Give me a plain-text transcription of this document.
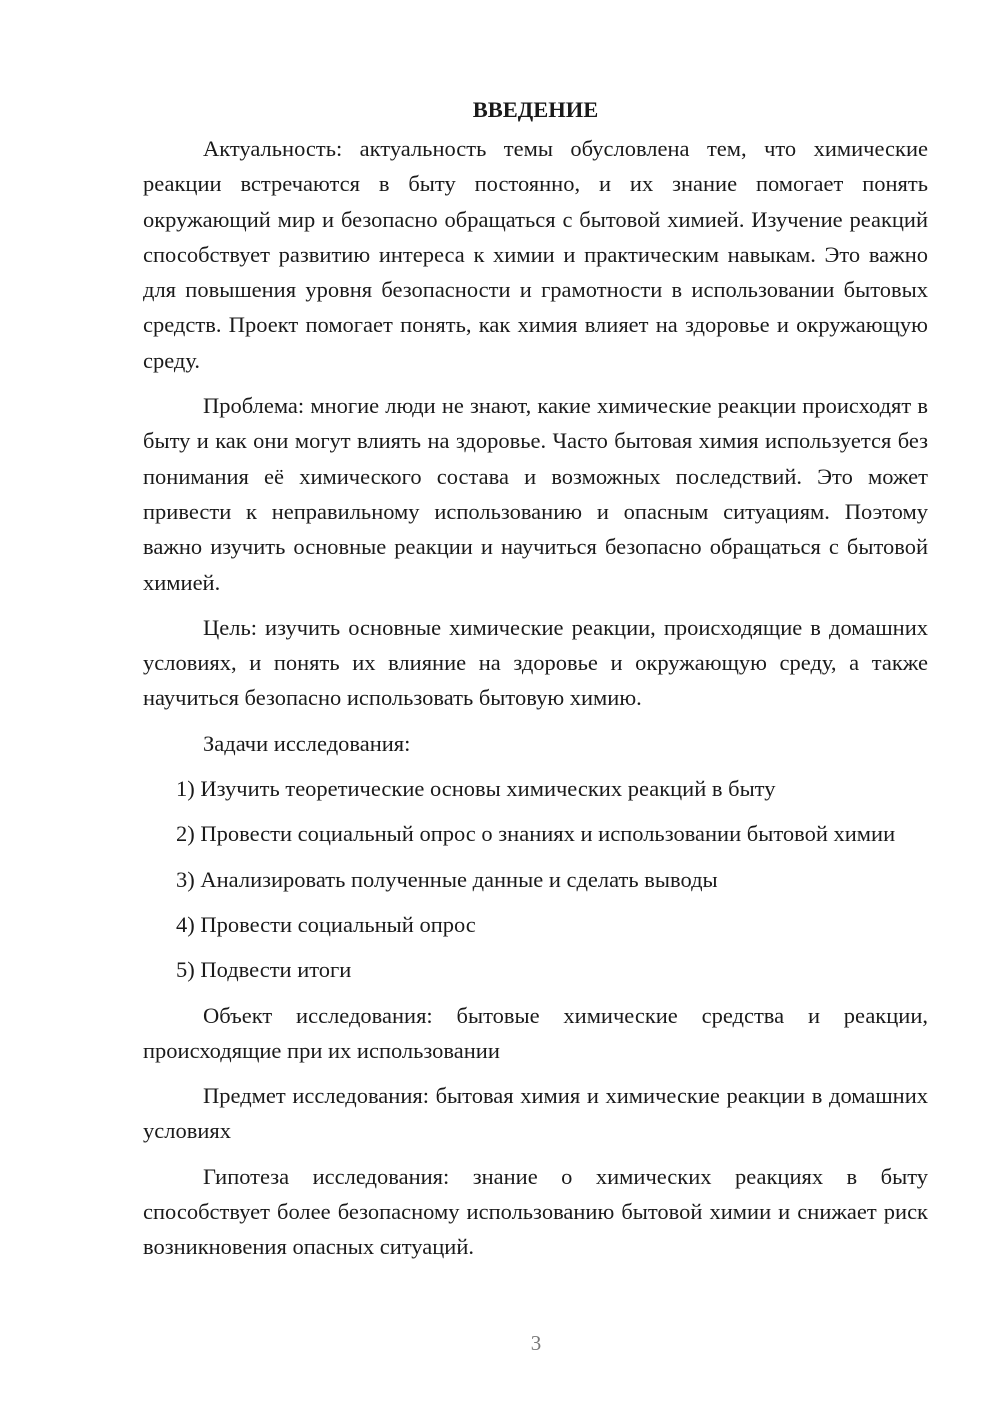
ВВЕДЕНИЕ

Актуальность: актуальность темы обусловлена тем, что химические реакции встречаются в быту постоянно, и их знание помогает понять окружающий мир и безопасно обращаться с бытовой химией. Изучение реакций способствует развитию интереса к химии и практическим навыкам. Это важно для повышения уровня безопасности и грамотности в использовании бытовых средств. Проект помогает понять, как химия влияет на здоровье и окружающую среду.

Проблема: многие люди не знают, какие химические реакции происходят в быту и как они могут влиять на здоровье. Часто бытовая химия используется без понимания её химического состава и возможных последствий. Это может привести к неправильному использованию и опасным ситуациям. Поэтому важно изучить основные реакции и научиться безопасно обращаться с бытовой химией.

Цель: изучить основные химические реакции, происходящие в домашних условиях, и понять их влияние на здоровье и окружающую среду, а также научиться безопасно использовать бытовую химию.

Задачи исследования:

1) Изучить теоретические основы химических реакций в быту

2) Провести социальный опрос о знаниях и использовании бытовой химии

3) Анализировать полученные данные и сделать выводы

4) Провести социальный опрос

5) Подвести итоги

Объект исследования: бытовые химические средства и реакции, происходящие при их использовании

Предмет исследования: бытовая химия и химические реакции в домашних условиях

Гипотеза исследования: знание о химических реакциях в быту способствует более безопасному использованию бытовой химии и снижает риск возникновения опасных ситуаций.

3
